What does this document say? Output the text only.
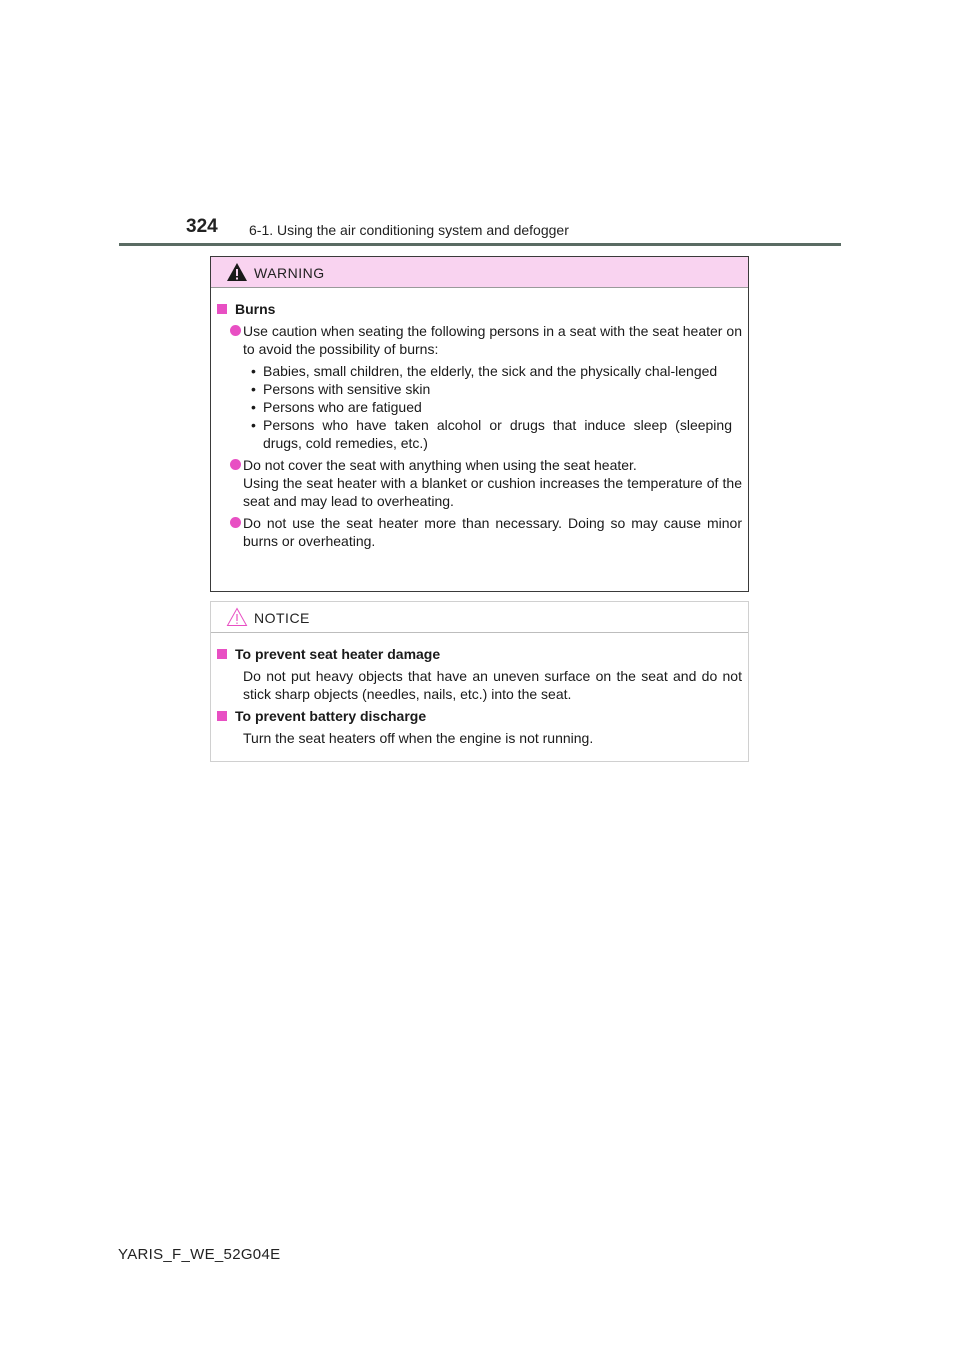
324 6-1. Using the air conditioning system and defogger
WARNING
Burns

Use caution when seating the following persons in a seat with the seat heater on to avoid the possibility of burns:

• Babies, small children, the elderly, the sick and the physically chal-lenged
• Persons with sensitive skin
• Persons who are fatigued
• Persons who have taken alcohol or drugs that induce sleep (sleeping drugs, cold remedies, etc.)

Do not cover the seat with anything when using the seat heater.

Using the seat heater with a blanket or cushion increases the temperature of the seat and may lead to overheating.

Do not use the seat heater more than necessary. Doing so may cause minor burns or overheating.

NOTICE
To prevent seat heater damage
Do not put heavy objects that have an uneven surface on the seat and do not stick sharp objects (needles, nails, etc.) into the seat.
To prevent battery discharge
Turn the seat heaters off when the engine is not running.
YARIS_F_WE_52G04E
